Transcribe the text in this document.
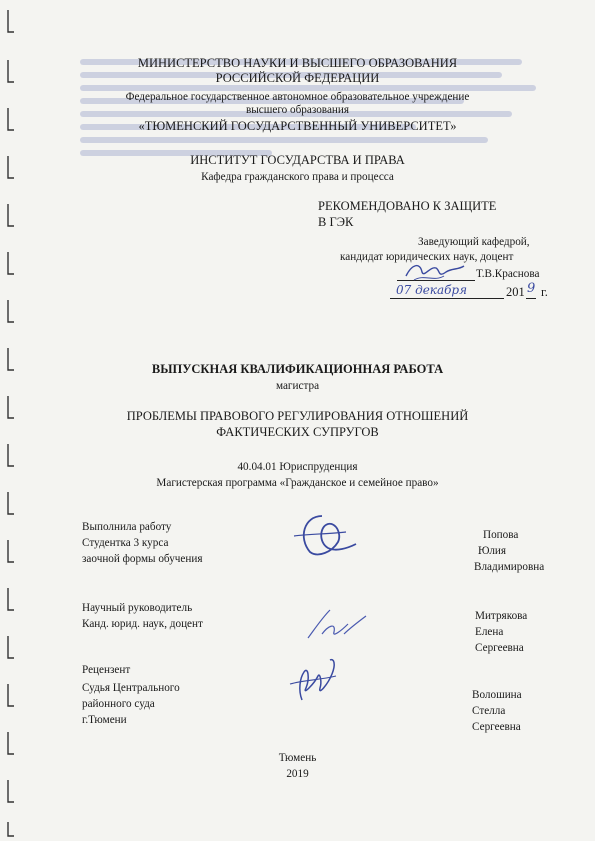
МИНИСТЕРСТВО НАУКИ И ВЫСШЕГО ОБРАЗОВАНИЯ
РОССИЙСКОЙ ФЕДЕРАЦИИ
Федеральное государственное автономное образовательное учреждение
высшего образования
«ТЮМЕНСКИЙ ГОСУДАРСТВЕННЫЙ УНИВЕРСИТЕТ»
ИНСТИТУТ ГОСУДАРСТВА И ПРАВА
Кафедра гражданского права и процесса
РЕКОМЕНДОВАНО К ЗАЩИТЕ
В ГЭК
Заведующий кафедрой,
кандидат юридических наук, доцент
Т.В.Краснова
07 декабря	201 9 г.
ВЫПУСКНАЯ КВАЛИФИКАЦИОННАЯ РАБОТА
магистра
ПРОБЛЕМЫ ПРАВОВОГО РЕГУЛИРОВАНИЯ ОТНОШЕНИЙ
ФАКТИЧЕСКИХ СУПРУГОВ
40.04.01 Юриспруденция
Магистерская программа «Гражданское и семейное право»
Выполнила работу
Студентка 3 курса
заочной формы обучения
Попова
Юлия
Владимировна
Научный руководитель
Канд. юрид. наук, доцент
Митрякова
Елена
Сергеевна
Рецензент
Судья Центрального
районного суда
г.Тюмени
Волошина
Стелла
Сергеевна
Тюмень
2019
